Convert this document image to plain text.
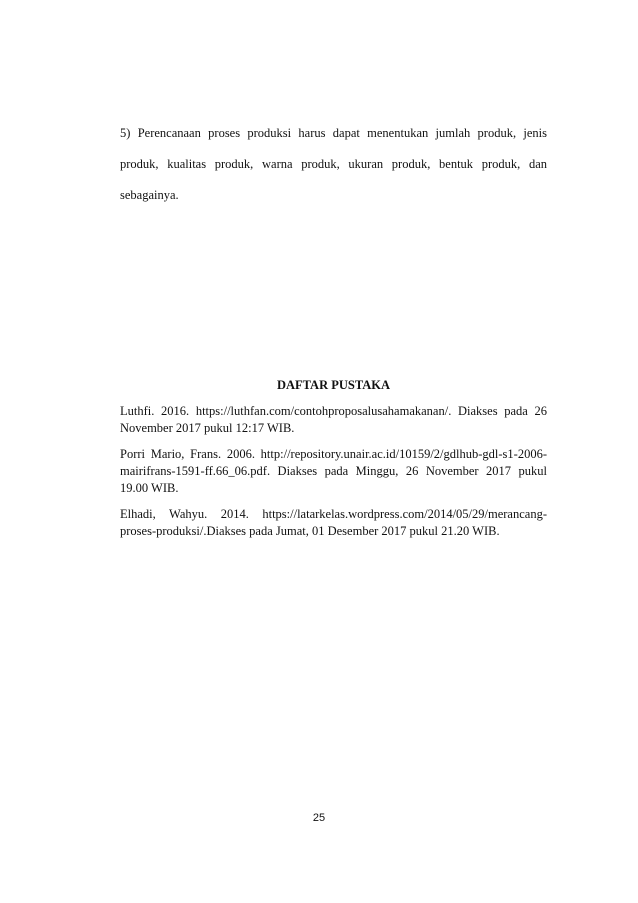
5) Perencanaan proses produksi harus dapat menentukan jumlah produk, jenis produk, kualitas produk, warna produk, ukuran produk, bentuk produk, dan sebagainya.

DAFTAR PUSTAKA
Luthfi. 2016. https://luthfan.com/contohproposalusahamakanan/. Diakses pada 26 November 2017 pukul 12:17 WIB.
Porri Mario, Frans. 2006. http://repository.unair.ac.id/10159/2/gdlhub-gdl-s1-2006-mairifrans-1591-ff.66_06.pdf. Diakses pada Minggu, 26 November 2017 pukul 19.00 WIB.
Elhadi, Wahyu. 2014. https://latarkelas.wordpress.com/2014/05/29/merancang-proses-produksi/.Diakses pada Jumat, 01 Desember 2017 pukul 21.20 WIB.
25
